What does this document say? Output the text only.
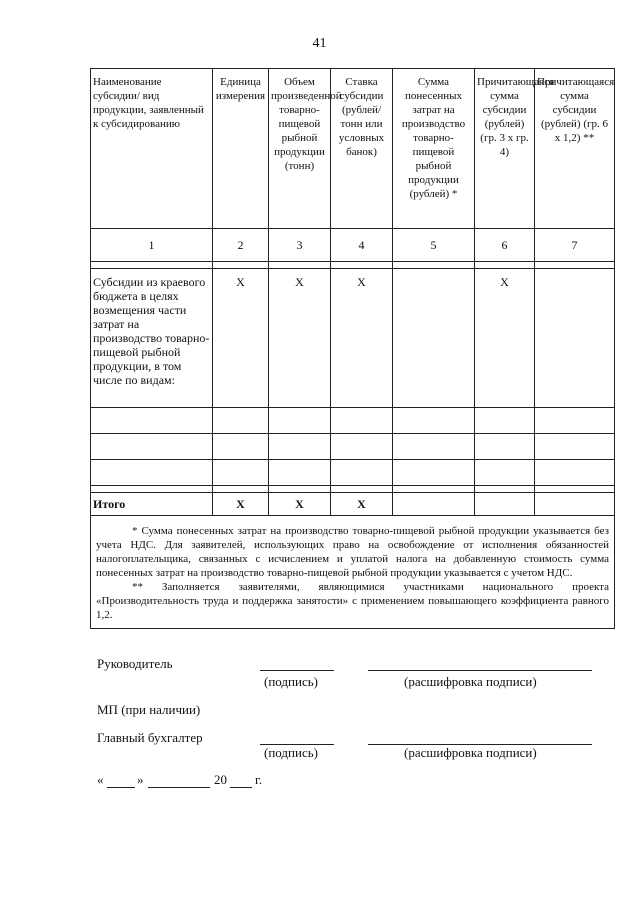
41
Наименование субсидии/ вид продукции, заявленный к субсидированию	Единица измерения	Объем произведенной товарно-пищевой рыбной продукции (тонн)	Ставка субсидии (рублей/тонн или условных банок)	Сумма понесенных затрат на производство товарно-пищевой рыбной продукции (рублей) *	Причитающаяся сумма субсидии (рублей) (гр. 3 х гр. 4)	Причитающаяся сумма субсидии (рублей) (гр. 6 х 1,2) **
1	2	3	4	5	6	7

Субсидии из краевого бюджета в целях возмещения части затрат на производство товарно-пищевой рыбной продукции, в том числе по видам:	Х	Х	Х		Х	

Итого	Х	Х	Х			

* Сумма понесенных затрат на производство товарно-пищевой рыбной продукции указывается без учета НДС. Для заявителей, использующих право на освобождение от исполнения обязанностей налогоплательщика, связанных с исчислением и уплатой налога на добавленную стоимость сумма понесенных затрат на производство товарно-пищевой рыбной продукции указывается с учетом НДС.

** Заполняется заявителями, являющимися участниками национального проекта «Производительность труда и поддержка занятости» с применением повышающего коэффициента равного 1,2.						

Руководитель
(подпись)	(расшифровка подписи)
МП (при наличии)
Главный бухгалтер
(подпись)	(расшифровка подписи)
«	»	20 г.
